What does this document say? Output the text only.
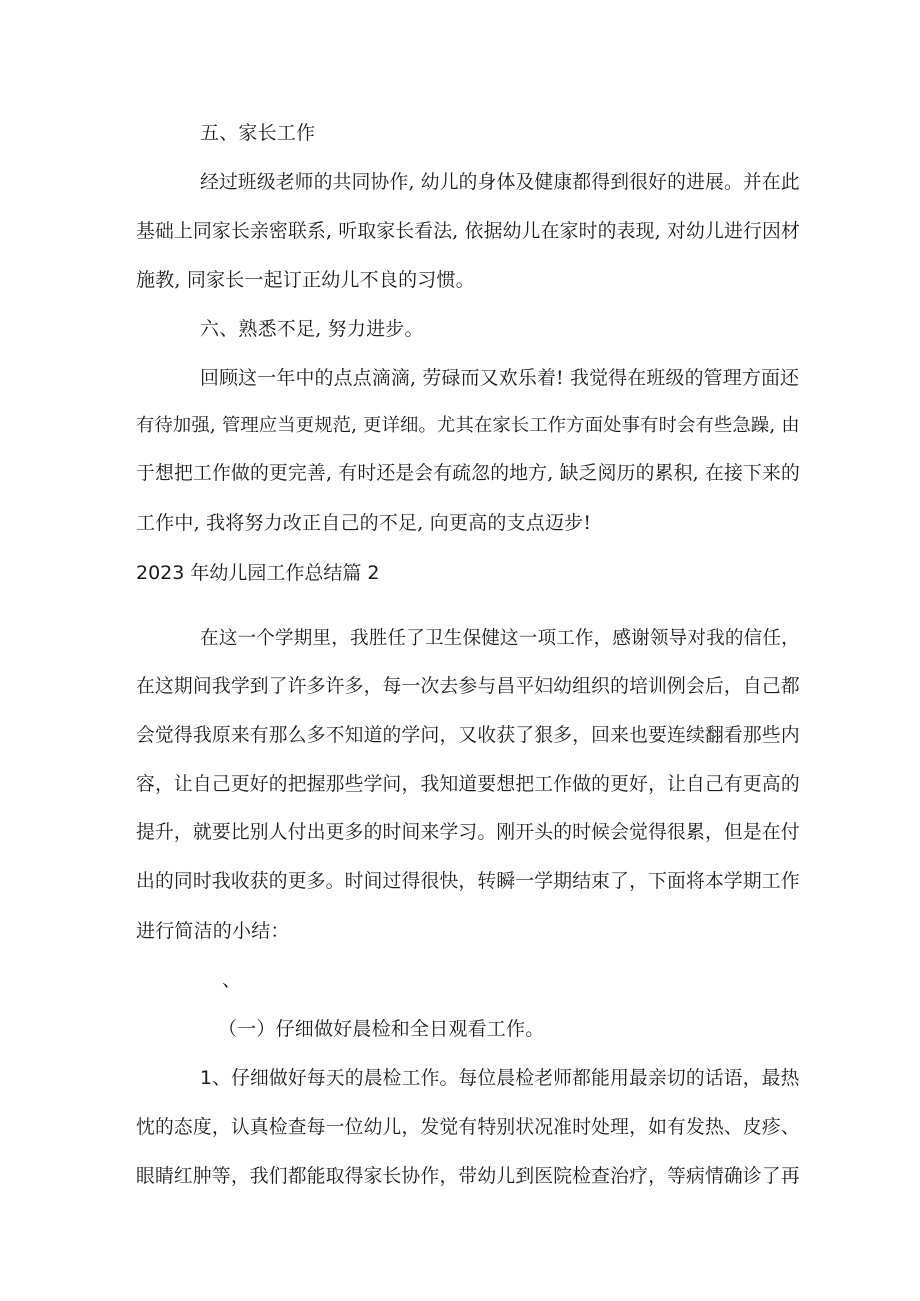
五、家长工作
经过班级老师的共同协作, 幼儿的身体及健康都得到很好的进展。并在此
基础上同家长亲密联系, 听取家长看法, 依据幼儿在家时的表现, 对幼儿进行因材
施教, 同家长一起订正幼儿不良的习惯。
六、熟悉不足, 努力进步。
回顾这一年中的点点滴滴, 劳碌而又欢乐着! 我觉得在班级的管理方面还
有待加强, 管理应当更规范, 更详细。尤其在家长工作方面处事有时会有些急躁, 由
于想把工作做的更完善, 有时还是会有疏忽的地方, 缺乏阅历的累积, 在接下来的
工作中, 我将努力改正自己的不足, 向更高的支点迈步!
2023 年幼儿园工作总结篇 2
在这一个学期里，我胜任了卫生保健这一项工作，感谢领导对我的信任，
在这期间我学到了许多许多，每一次去参与昌平妇幼组织的培训例会后，自己都
会觉得我原来有那么多不知道的学问，又收获了狠多，回来也要连续翻看那些内
容，让自己更好的把握那些学问，我知道要想把工作做的更好，让自己有更高的
提升，就要比别人付出更多的时间来学习。刚开头的时候会觉得很累，但是在付
出的同时我收获的更多。时间过得很快，转瞬一学期结束了，下面将本学期工作
进行简洁的小结：
、
（一）仔细做好晨检和全日观看工作。
1、仔细做好每天的晨检工作。每位晨检老师都能用最亲切的话语，最热
忱的态度，认真检查每一位幼儿，发觉有特别状况准时处理，如有发热、皮疹、
眼睛红肿等，我们都能取得家长协作，带幼儿到医院检查治疗，等病情确诊了再
